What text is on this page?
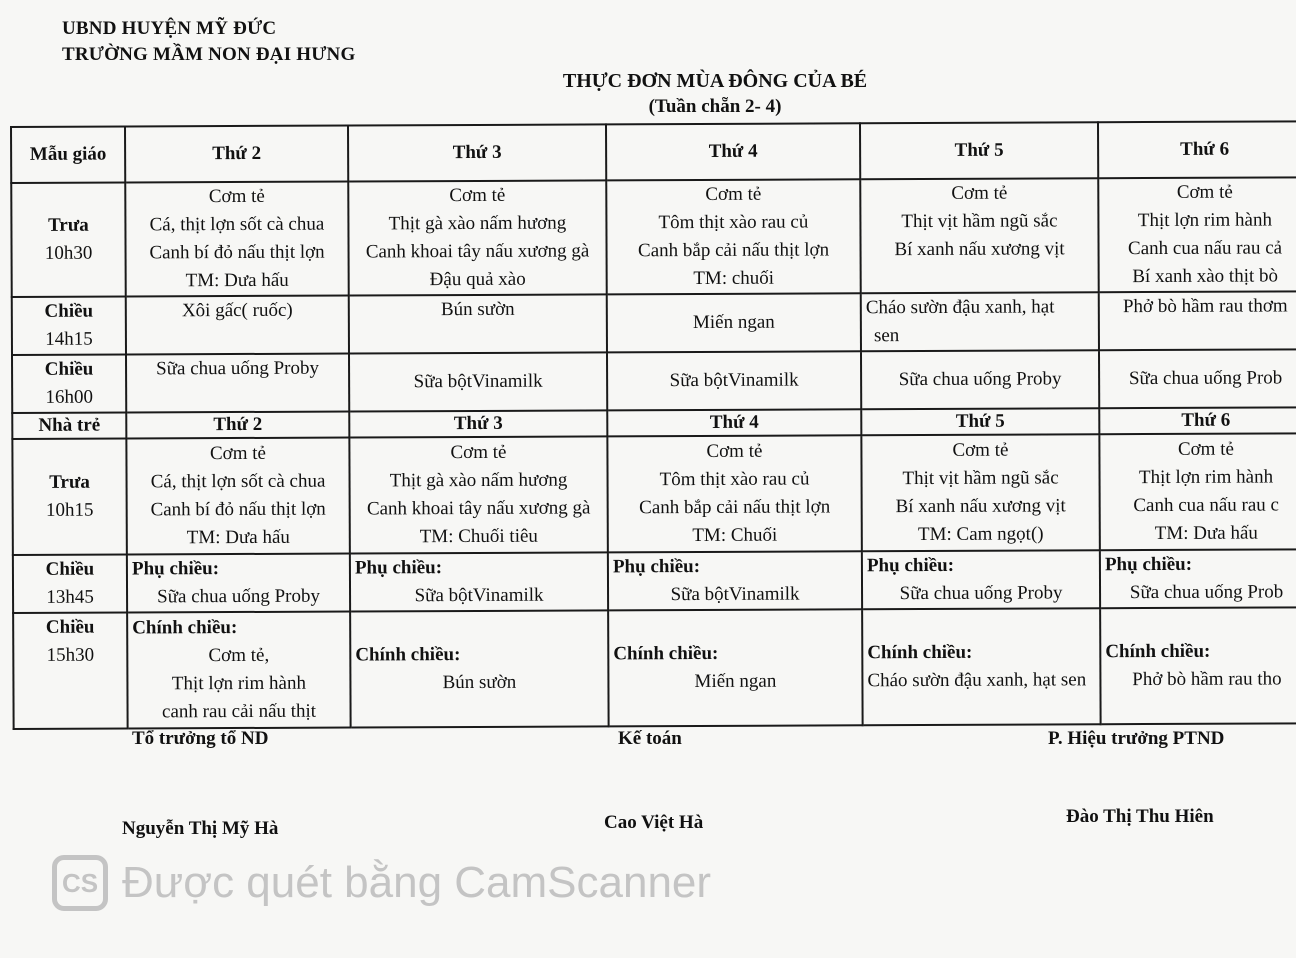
UBND HUYỆN MỸ ĐỨC
TRƯỜNG MẦM NON ĐẠI HƯNG
THỰC ĐƠN MÙA ĐÔNG CỦA BÉ
(Tuần chẵn 2- 4)
Mẫu giáo	Thứ 2	Thứ 3	Thứ 4	Thứ 5	Thứ 6

Trưa
10h30	Cơm tẻ
Cá, thịt lợn sốt cà chua
Canh bí đỏ nấu thịt lợn
TM: Dưa hấu	Cơm tẻ
Thịt gà xào nấm hương
Canh khoai tây nấu xương gà
Đậu quả xào	Cơm tẻ
Tôm thịt xào rau củ
Canh bắp cải nấu thịt lợn
TM: chuối	Cơm tẻ
Thịt vịt hầm ngũ sắc
Bí xanh nấu xương vịt	Cơm tẻ
Thịt lợn rim hành
Canh cua nấu rau cả
Bí xanh xào thịt bò

Chiều
14h15	Xôi gấc( ruốc)	Bún sườn	Miến ngan	Cháo sườn đậu xanh, hạt
sen	Phở bò hầm rau thơm

Chiều
16h00	Sữa chua uống Proby	Sữa bộtVinamilk	Sữa bộtVinamilk	Sữa chua uống Proby	Sữa chua uống Prob

Nhà trẻ	Thứ 2	Thứ 3	Thứ 4	Thứ 5	Thứ 6

Trưa
10h15	Cơm tẻ
Cá, thịt lợn sốt cà chua
Canh bí đỏ nấu thịt lợn
TM: Dưa hấu	Cơm tẻ
Thịt gà xào nấm hương
Canh khoai tây nấu xương gà
TM: Chuối tiêu	Cơm tẻ
Tôm thịt xào rau củ
Canh bắp cải nấu thịt lợn
TM: Chuối	Cơm tẻ
Thịt vịt hầm ngũ sắc
Bí xanh nấu xương vịt
TM: Cam ngọt()	Cơm tẻ
Thịt lợn rim hành
Canh cua nấu rau c
TM: Dưa hấu

Chiều
13h45	Phụ chiều:
Sữa chua uống Proby	Phụ chiều:
Sữa bộtVinamilk	Phụ chiều:
Sữa bộtVinamilk	Phụ chiều:
Sữa chua uống Proby	Phụ chiều:
Sữa chua uống Prob

Chiều
15h30	Chính chiều:
Cơm tẻ,
Thịt lợn rim hành
canh rau cải nấu thịt	Chính chiều:
Bún sườn	Chính chiều:
Miến ngan	Chính chiều:
Cháo sườn đậu xanh, hạt sen	Chính chiều:
Phở bò hầm rau tho
Tổ trưởng tổ ND	Kế toán	P. Hiệu trưởng PTND
Nguyễn Thị Mỹ Hà	Cao Việt Hà	Đào Thị Thu Hiên
CS Được quét bằng CamScanner
